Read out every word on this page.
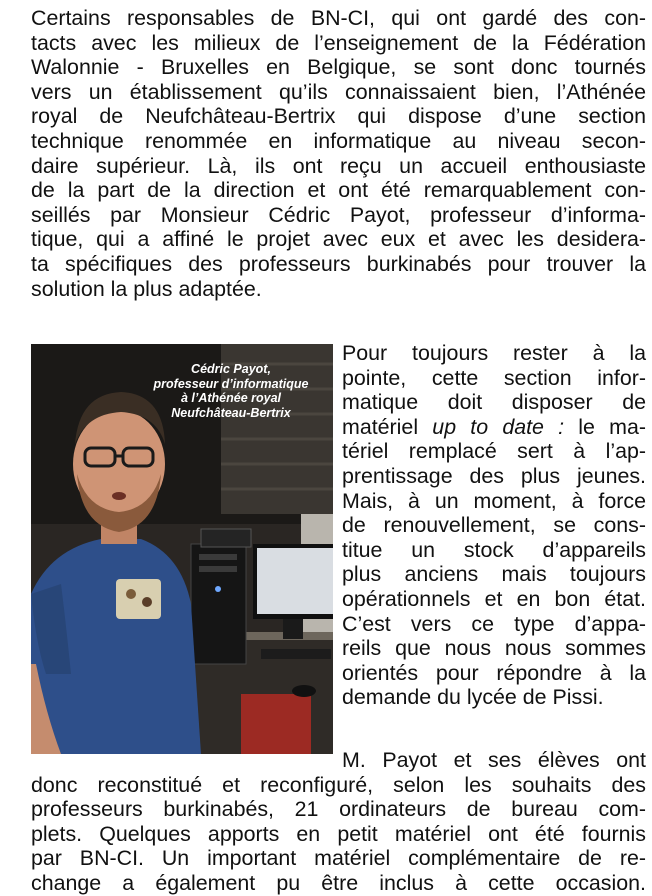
Certains responsables de BN-CI, qui ont gardé des con-
tacts avec les milieux de l’enseignement de la Fédération
Walonnie - Bruxelles en Belgique, se sont donc tournés
vers un établissement qu’ils connaissaient bien, l’Athénée
royal de Neufchâteau-Bertrix qui dispose d’une section
technique renommée en informatique au niveau secon-
daire supérieur. Là, ils ont reçu un accueil enthousiaste
de la part de la direction et ont été remarquablement con-
seillés par Monsieur Cédric Payot, professeur d’informa-
tique, qui a affiné le projet avec eux et avec les desidera-
ta spécifiques des professeurs burkinabés pour trouver la
solution la plus adaptée.

Cédric Payot,
professeur d’informatique
à l’Athénée royal
Neufchâteau-Bertrix

Pour toujours rester à la
pointe, cette section infor-
matique doit disposer de
matériel up to date : le ma-
tériel remplacé sert à l’ap-
prentissage des plus jeunes.
Mais, à un moment, à force
de renouvellement, se cons-
titue un stock d’appareils
plus anciens mais toujours
opérationnels et en bon état.
C’est vers ce type d’appa-
reils que nous nous sommes
orientés pour répondre à la
demande du lycée de Pissi.

M. Payot et ses élèves ont
donc reconstitué et reconfiguré, selon les souhaits des
professeurs burkinabés, 21 ordinateurs de bureau com-
plets. Quelques apports en petit matériel ont été fournis
par BN-CI. Un important matériel complémentaire de re-
change a également pu être inclus à cette occasion.
